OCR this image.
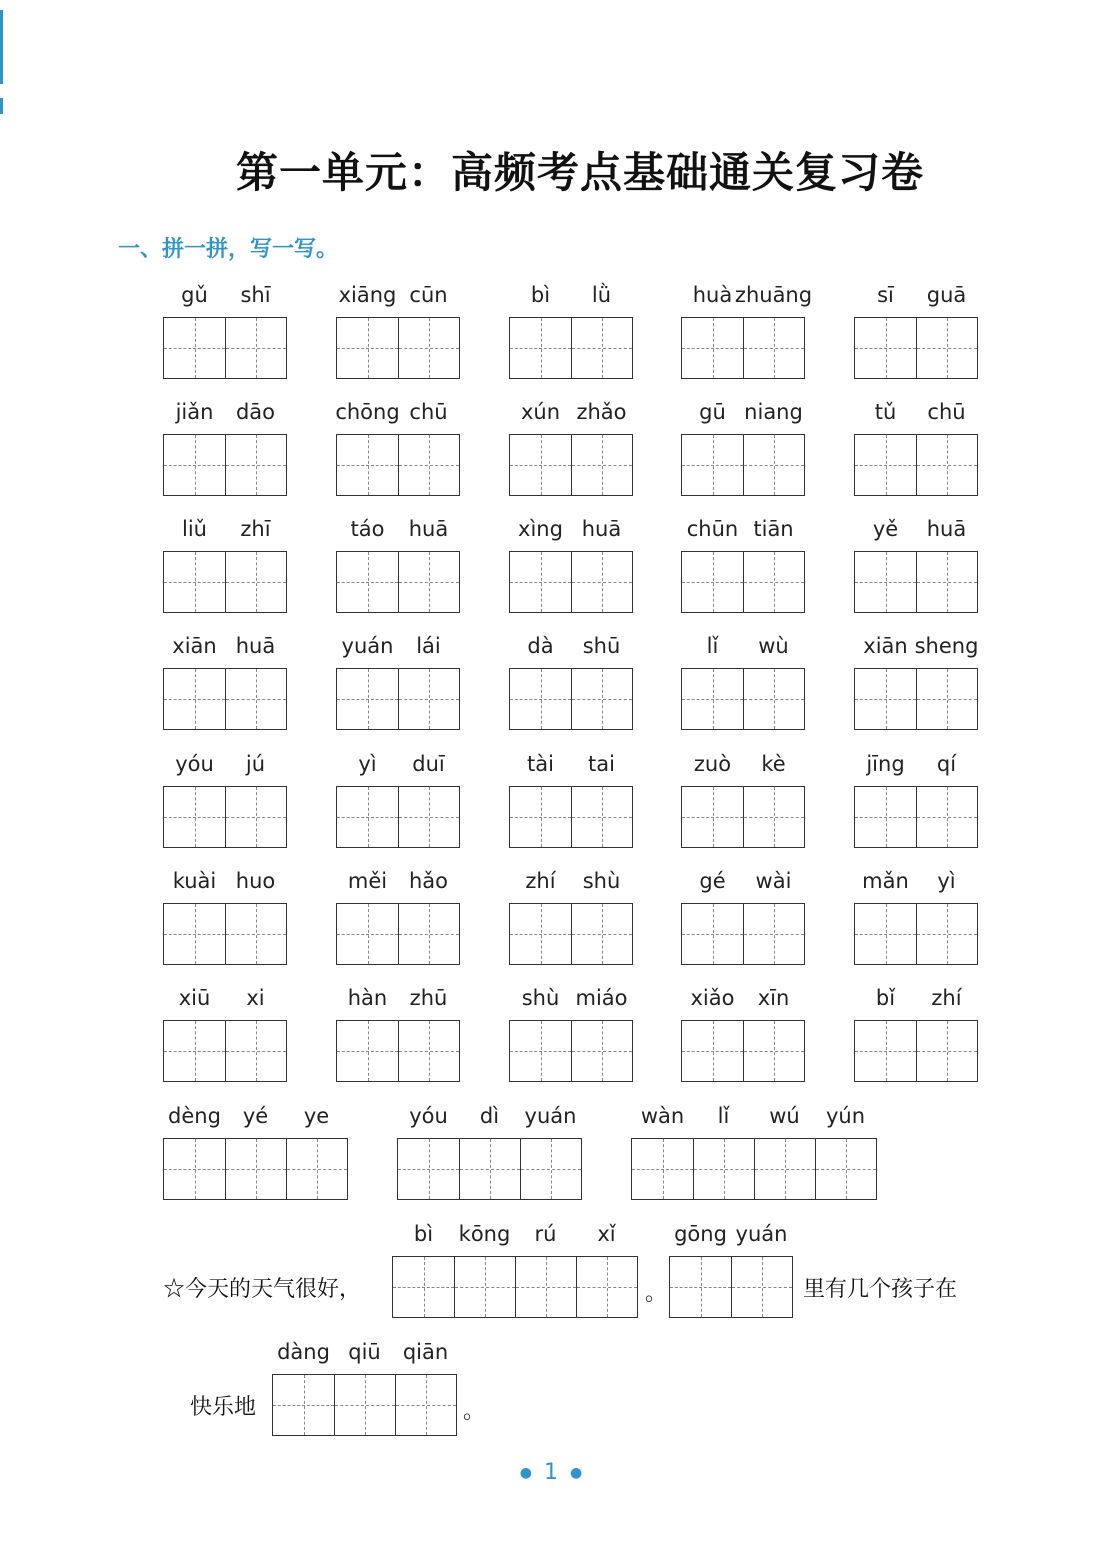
第一单元：高频考点基础通关复习卷
一、拼一拼，写一写。
gǔ shī	xiāng cūn	bì lǜ	huà zhuāng	sī guā
jiǎn dāo	chōng chū	xún zhǎo	gū niang	tǔ chū
liǔ zhī	táo huā	xìng huā	chūn tiān	yě huā
xiān huā	yuán lái	dà shū	lǐ wù	xiān sheng
yóu jú	yì duī	tài tai	zuò kè	jīng qí
kuài huo	měi hǎo	zhí shù	gé wài	mǎn yì
xiū xi	hàn zhū	shù miáo	xiǎo xīn	bǐ zhí
dèng yé ye	yóu dì yuán	wàn lǐ wú yún
☆今天的天气很好，
bì kōng rú xǐ
。
gōng yuán
里有几个孩子在
快乐地
dàng qiū qiān
。
● 1 ●
